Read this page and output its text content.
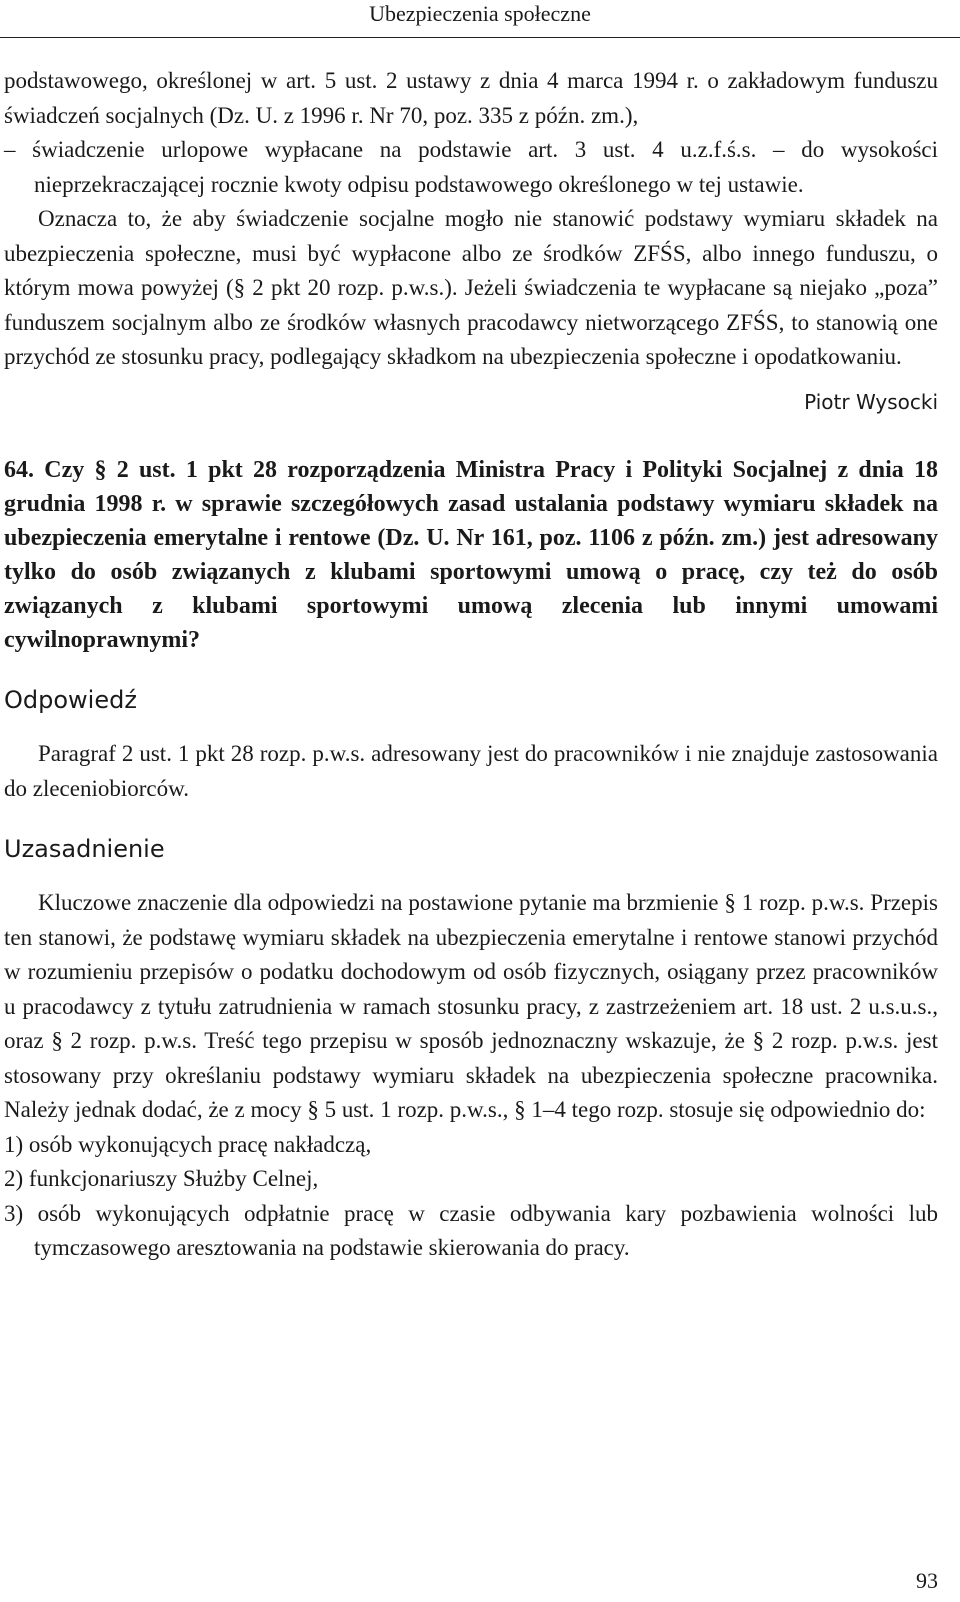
Ubezpieczenia społeczne

podstawowego, określonej w art. 5 ust. 2 ustawy z dnia 4 marca 1994 r. o zakładowym funduszu świadczeń socjalnych (Dz. U. z 1996 r. Nr 70, poz. 335 z późn. zm.),

– świadczenie urlopowe wypłacane na podstawie art. 3 ust. 4 u.z.f.ś.s. – do wysokości nieprzekraczającej rocznie kwoty odpisu podstawowego określonego w tej ustawie.

Oznacza to, że aby świadczenie socjalne mogło nie stanowić podstawy wymiaru składek na ubezpieczenia społeczne, musi być wypłacone albo ze środków ZFŚS, albo innego funduszu, o którym mowa powyżej (§ 2 pkt 20 rozp. p.w.s.). Jeżeli świadczenia te wypłacane są niejako „poza” funduszem socjalnym albo ze środków własnych pracodawcy nietworzącego ZFŚS, to stanowią one przychód ze stosunku pracy, podlegający składkom na ubezpieczenia społeczne i opodatkowaniu.

Piotr Wysocki

64. Czy § 2 ust. 1 pkt 28 rozporządzenia Ministra Pracy i Polityki Socjalnej z dnia 18 grudnia 1998 r. w sprawie szczegółowych zasad ustalania podstawy wymiaru składek na ubezpieczenia emerytalne i rentowe (Dz. U. Nr 161, poz. 1106 z późn. zm.) jest adresowany tylko do osób związanych z klubami sportowymi umową o pracę, czy też do osób związanych z klubami sportowymi umową zlecenia lub innymi umowami cywilnoprawnymi?

Odpowiedź

Paragraf 2 ust. 1 pkt 28 rozp. p.w.s. adresowany jest do pracowników i nie znajduje zastosowania do zleceniobiorców.

Uzasadnienie

Kluczowe znaczenie dla odpowiedzi na postawione pytanie ma brzmienie § 1 rozp. p.w.s. Przepis ten stanowi, że podstawę wymiaru składek na ubezpieczenia emerytalne i rentowe stanowi przychód w rozumieniu przepisów o podatku dochodowym od osób fizycznych, osiągany przez pracowników u pracodawcy z tytułu zatrudnienia w ramach stosunku pracy, z zastrzeżeniem art. 18 ust. 2 u.s.u.s., oraz § 2 rozp. p.w.s. Treść tego przepisu w sposób jednoznaczny wskazuje, że § 2 rozp. p.w.s. jest stosowany przy określaniu podstawy wymiaru składek na ubezpieczenia społeczne pracownika. Należy jednak dodać, że z mocy § 5 ust. 1 rozp. p.w.s., § 1–4 tego rozp. stosuje się odpowiednio do:

1) osób wykonujących pracę nakładczą,

2) funkcjonariuszy Służby Celnej,

3) osób wykonujących odpłatnie pracę w czasie odbywania kary pozbawienia wolności lub tymczasowego aresztowania na podstawie skierowania do pracy.

93
